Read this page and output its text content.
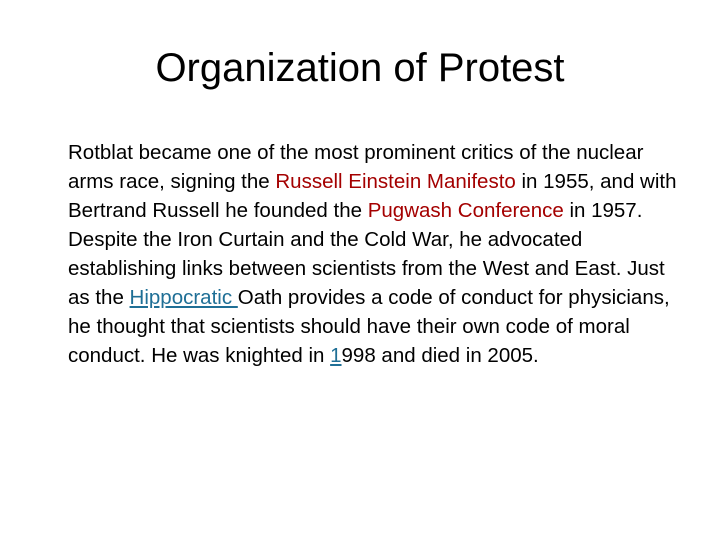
Organization of Protest

Rotblat became one of the most prominent critics of the nuclear arms race, signing the Russell Einstein Manifesto in 1955, and with Bertrand Russell he founded the Pugwash Conference in 1957. Despite the Iron Curtain and the Cold War, he advocated establishing links between scientists from the West and East. Just as the Hippocratic Oath provides a code of conduct for physicians, he thought that scientists should have their own code of moral conduct. He was knighted in 1998 and died in 2005.
